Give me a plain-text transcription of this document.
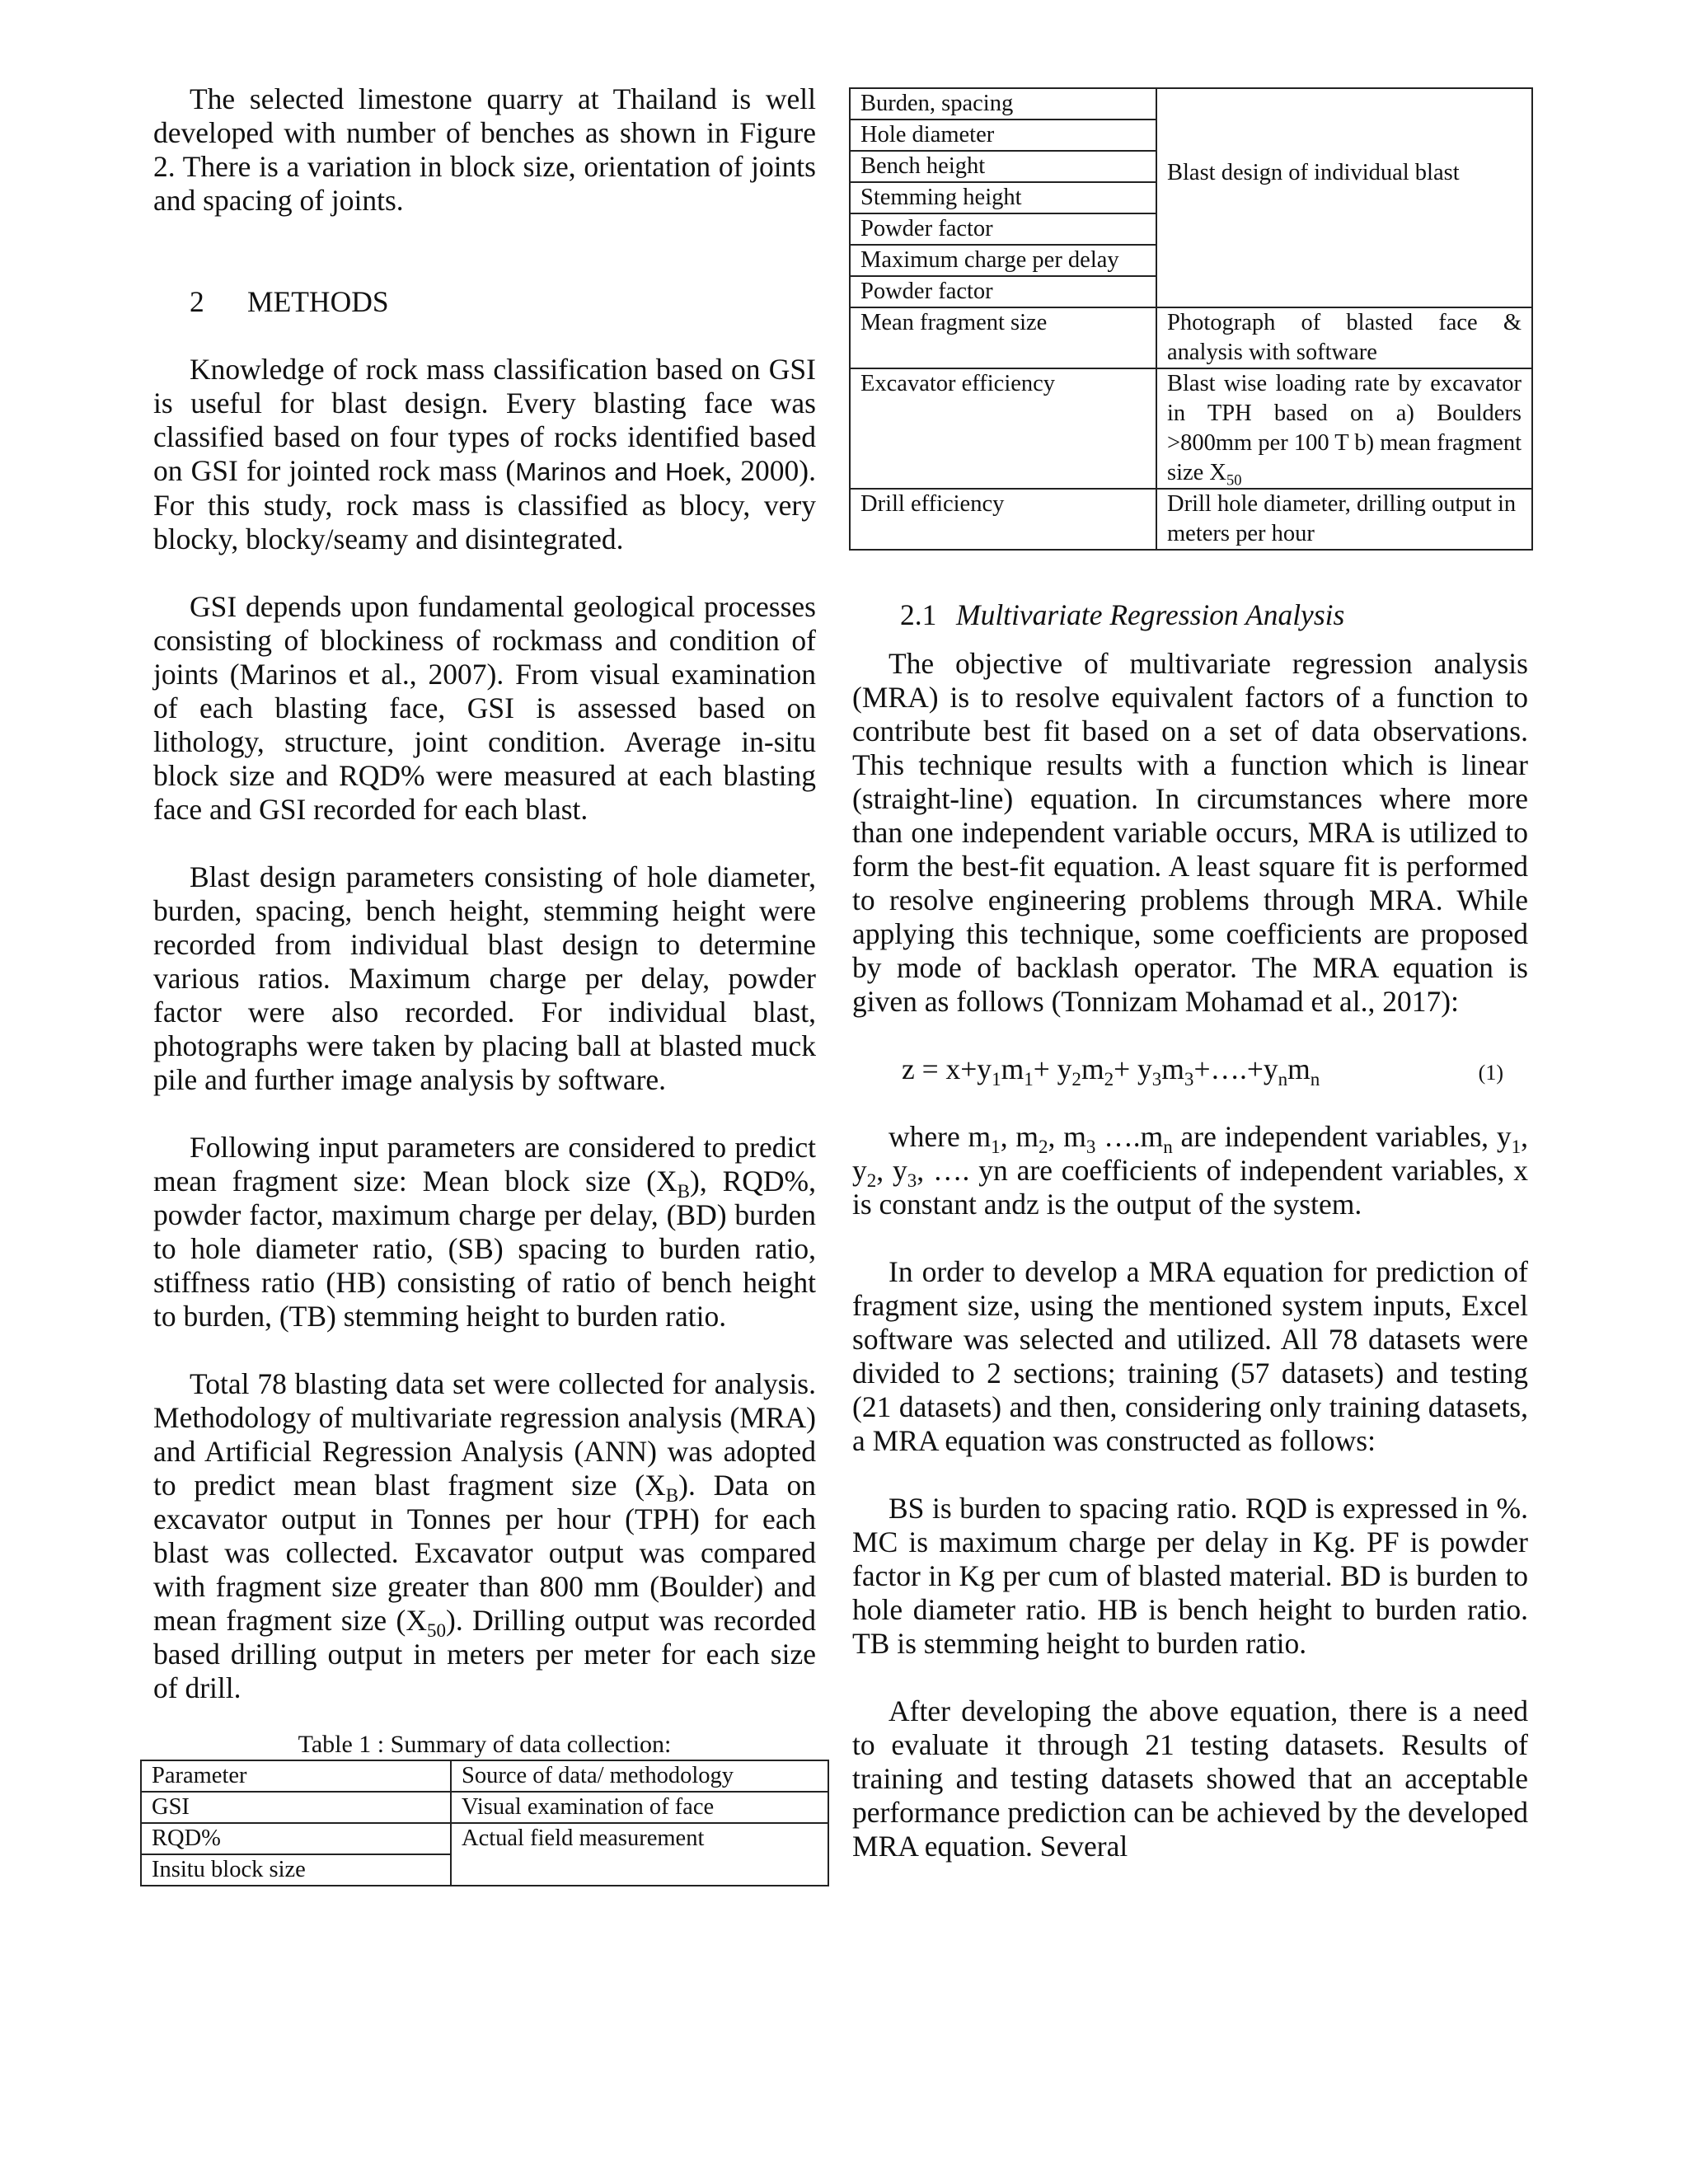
The selected limestone quarry at Thailand is well developed with number of benches as shown in Figure 2. There is a variation in block size, orientation of joints and spacing of joints.

2 METHODS

Knowledge of rock mass classification based on GSI is useful for blast design. Every blasting face was classified based on four types of rocks identified based on GSI for jointed rock mass (Marinos and Hoek, 2000). For this study, rock mass is classified as blocy, very blocky, blocky/seamy and disintegrated.

GSI depends upon fundamental geological processes consisting of blockiness of rockmass and condition of joints (Marinos et al., 2007). From visual examination of each blasting face, GSI is assessed based on lithology, structure, joint condition. Average in-situ block size and RQD% were measured at each blasting face and GSI recorded for each blast.

Blast design parameters consisting of hole diameter, burden, spacing, bench height, stemming height were recorded from individual blast design to determine various ratios. Maximum charge per delay, powder factor were also recorded. For individual blast, photographs were taken by placing ball at blasted muck pile and further image analysis by software.

Following input parameters are considered to predict mean fragment size: Mean block size $(X_B)$, RQD%, powder factor, maximum charge per delay, (BD) burden to hole diameter ratio, (SB) spacing to burden ratio, stiffness ratio (HB) consisting of ratio of bench height to burden, (TB) stemming height to burden ratio.

Total 78 blasting data set were collected for analysis. Methodology of multivariate regression analysis (MRA) and Artificial Regression Analysis (ANN) was adopted to predict mean blast fragment size $(X_B)$. Data on excavator output in Tonnes per hour (TPH) for each blast was collected. Excavator output was compared with fragment size greater than 800 mm (Boulder) and mean fragment size $(X_{50})$. Drilling output was recorded based drilling output in meters per meter for each size of drill.

Table 1 : Summary of data collection:

Parameter	Source of data/ methodology
GSI	Visual examination of face
RQD%	Actual field measurement
Insitu block size	
Burden, spacing	Blast design of individual blast
Hole diameter	
Bench height	
Stemming height	
Powder factor	
Maximum charge per delay	
Powder factor	
Mean fragment size	Photograph of blasted face & analysis with software
Excavator efficiency	Blast wise loading rate by excavator in TPH based on a) Boulders >800mm per 100 T b) mean fragment size $X_{50}$
Drill efficiency	Drill hole diameter, drilling output in meters per hour

2.1 Multivariate Regression Analysis

The objective of multivariate regression analysis (MRA) is to resolve equivalent factors of a function to contribute best fit based on a set of data observations. This technique results with a function which is linear (straight-line) equation. In circumstances where more than one independent variable occurs, MRA is utilized to form the best-fit equation. A least square fit is performed to resolve engineering problems through MRA. While applying this technique, some coefficients are proposed by mode of backlash operator. The MRA equation is given as follows (Tonnizam Mohamad et al., 2017):

$z = x+y_1m_1+ y_2m_2+$ $y_3m_3+\dots.+y_nm_n$	(1)

where $m_1$, $m_2$, $m_3$ $\dots.m_n$ are independent variables, $y_1$, $y_2$, $y_3$, …. yn are coefficients of independent variables, x is constant andz is the output of the system.

In order to develop a MRA equation for prediction of fragment size, using the mentioned system inputs, Excel software was selected and utilized. All 78 datasets were divided to 2 sections; training (57 datasets) and testing (21 datasets) and then, considering only training datasets, a MRA equation was constructed as follows:

BS is burden to spacing ratio. RQD is expressed in %. MC is maximum charge per delay in Kg. PF is powder factor in Kg per cum of blasted material. BD is burden to hole diameter ratio. HB is bench height to burden ratio. TB is stemming height to burden ratio.

After developing the above equation, there is a need to evaluate it through 21 testing datasets. Results of training and testing datasets showed that an acceptable performance prediction can be achieved by the developed MRA equation. Several
